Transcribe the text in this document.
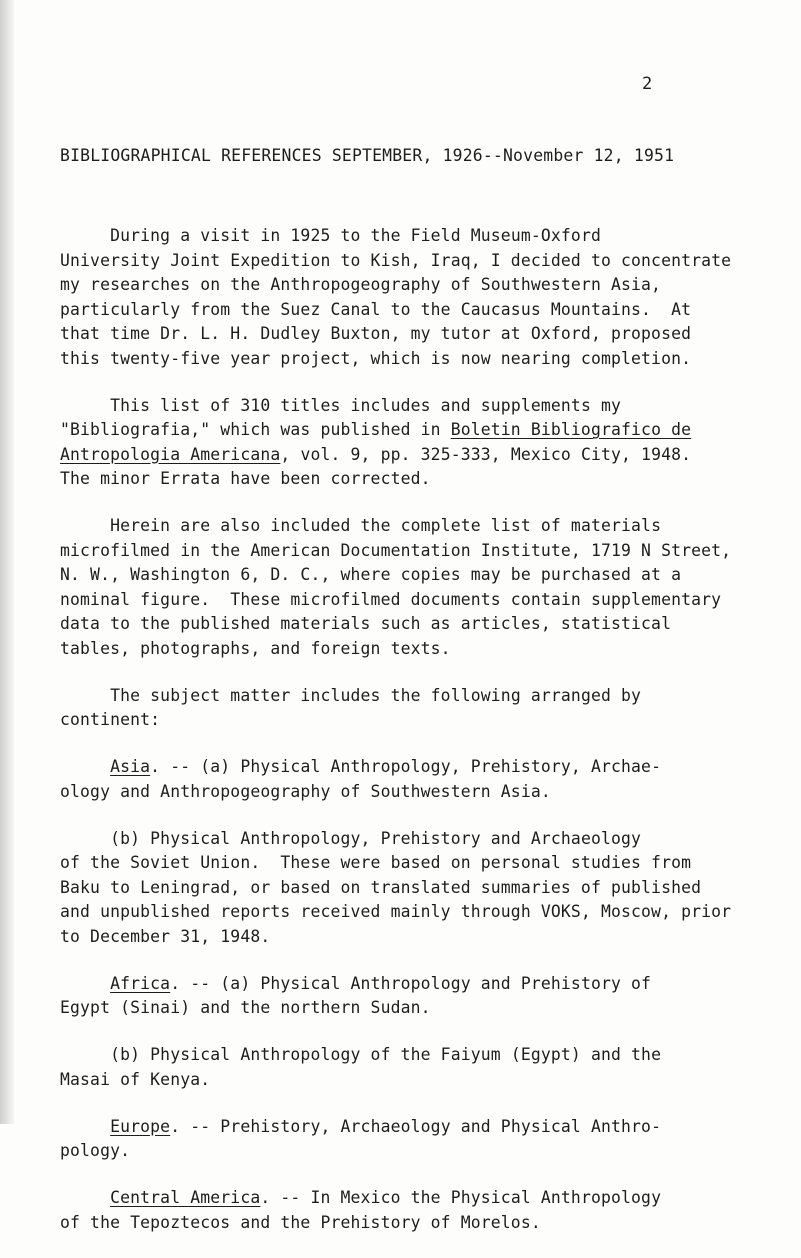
2
BIBLIOGRAPHICAL REFERENCES SEPTEMBER, 1926--November 12, 1951

During a visit in 1925 to the Field Museum-Oxford
University Joint Expedition to Kish, Iraq, I decided to concentrate
my researches on the Anthropogeography of Southwestern Asia,
particularly from the Suez Canal to the Caucasus Mountains.  At
that time Dr. L. H. Dudley Buxton, my tutor at Oxford, proposed
this twenty-five year project, which is now nearing completion.

This list of 310 titles includes and supplements my
"Bibliografia," which was published in Boletin Bibliografico de
Antropologia Americana, vol. 9, pp. 325-333, Mexico City, 1948.
The minor Errata have been corrected.

Herein are also included the complete list of materials
microfilmed in the American Documentation Institute, 1719 N Street,
N. W., Washington 6, D. C., where copies may be purchased at a
nominal figure.  These microfilmed documents contain supplementary
data to the published materials such as articles, statistical
tables, photographs, and foreign texts.

The subject matter includes the following arranged by
continent:

Asia. -- (a) Physical Anthropology, Prehistory, Archae-
ology and Anthropogeography of Southwestern Asia.

(b) Physical Anthropology, Prehistory and Archaeology
of the Soviet Union.  These were based on personal studies from
Baku to Leningrad, or based on translated summaries of published
and unpublished reports received mainly through VOKS, Moscow, prior
to December 31, 1948.

Africa. -- (a) Physical Anthropology and Prehistory of
Egypt (Sinai) and the northern Sudan.

(b) Physical Anthropology of the Faiyum (Egypt) and the
Masai of Kenya.

Europe. -- Prehistory, Archaeology and Physical Anthro-
pology.

Central America. -- In Mexico the Physical Anthropology
of the Tepoztecos and the Prehistory of Morelos.
